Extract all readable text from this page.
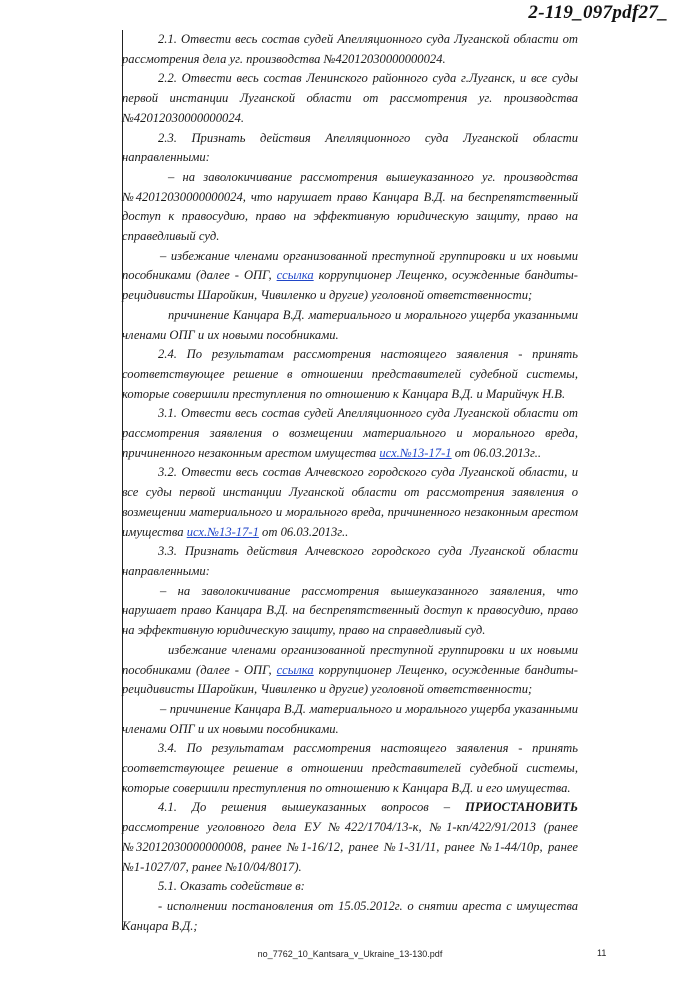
2-119_097pdf27_

2.1. Отвести весь состав судей Апелляционного суда Луганской области от рассмотрения дела уг. производства №42012030000000024.

2.2. Отвести весь состав Ленинского районного суда г.Луганск, и все суды первой инстанции Луганской области от рассмотрения уг. производства №42012030000000024.

2.3. Признать действия Апелляционного суда Луганской области направленными:

– на заволокичивание рассмотрения вышеуказанного уг. производства №42012030000000024, что нарушает право Канцара В.Д. на беспрепятственный доступ к правосудию, право на эффективную юридическую защиту, право на справедливый суд.

– избежание членами организованной преступной группировки и их новыми пособниками (далее - ОПГ, ссылка коррупционер Лещенко, осужденные бандиты-рецидивисты Шаройкин, Чивиленко и другие) уголовной ответственности;

причинение Канцара В.Д. материального и морального ущерба указанными членами ОПГ и их новыми пособниками.

2.4. По результатам рассмотрения настоящего заявления - принять соответствующее решение в отношении представителей судебной системы, которые совершили преступления по отношению к Канцара В.Д. и Марийчук Н.В.

3.1. Отвести весь состав судей Апелляционного суда Луганской области от рассмотрения заявления о возмещении материального и морального вреда, причиненного незаконным арестом имущества исх.№13-17-1 от 06.03.2013г..

3.2. Отвести весь состав Алчевского городского суда Луганской области, и все суды первой инстанции Луганской области от рассмотрения заявления о возмещении материального и морального вреда, причиненного незаконным арестом имущества исх.№13-17-1 от 06.03.2013г..

3.3. Признать действия Алчевского городского суда Луганской области направленными:

– на заволокичивание рассмотрения вышеуказанного заявления, что нарушает право Канцара В.Д. на беспрепятственный доступ к правосудию, право на эффективную юридическую защиту, право на справедливый суд.

избежание членами организованной преступной группировки и их новыми пособниками (далее - ОПГ, ссылка коррупционер Лещенко, осужденные бандиты-рецидивисты Шаройкин, Чивиленко и другие) уголовной ответственности;

– причинение Канцара В.Д. материального и морального ущерба указанными членами ОПГ и их новыми пособниками.

3.4. По результатам рассмотрения настоящего заявления - принять соответствующее решение в отношении представителей судебной системы, которые совершили преступления по отношению к Канцара В.Д. и его имущества.

4.1. До решения вышеуказанных вопросов – ПРИОСТАНОВИТЬ рассмотрение уголовного дела ЕУ №422/1704/13-к, №1-кп/422/91/2013 (ранее №32012030000000008, ранее №1-16/12, ранее №1-31/11, ранее №1-44/10р, ранее №1-1027/07, ранее №10/04/8017).

5.1. Оказать содействие в:

- исполнении постановления от 15.05.2012г. о снятии ареста с имущества Канцара В.Д.;

no_7762_10_Kantsara_v_Ukraine_13-130.pdf	11
